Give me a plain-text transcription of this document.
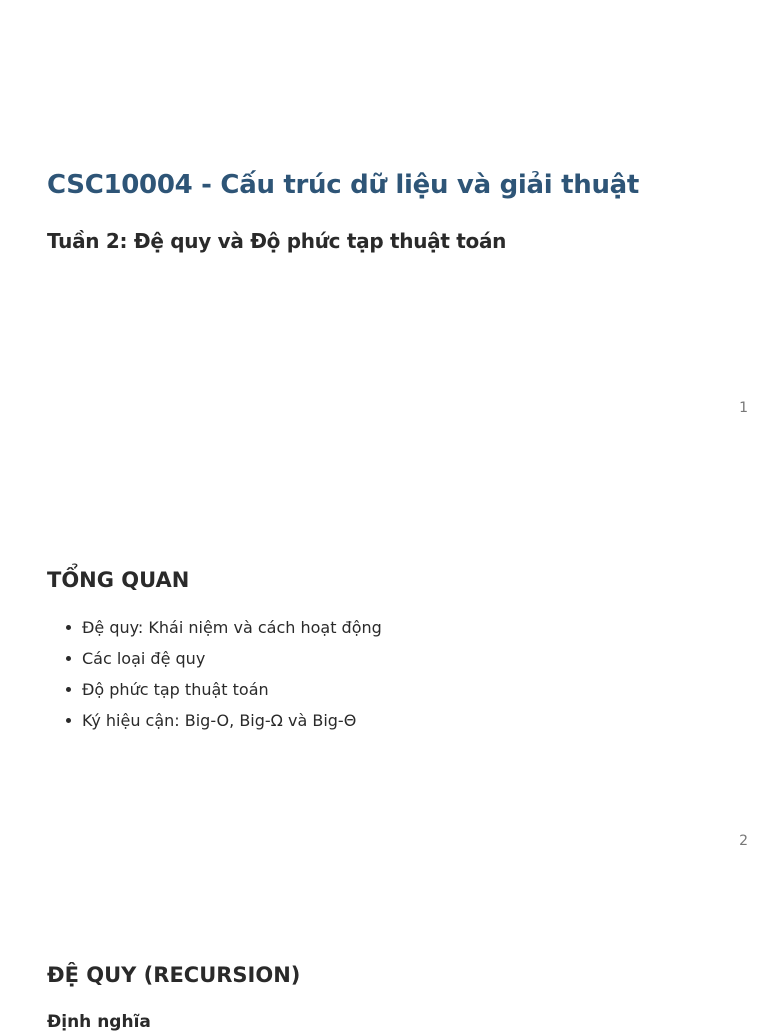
CSC10004 - Cấu trúc dữ liệu và giải thuật
Tuần 2: Đệ quy và Độ phức tạp thuật toán
1
TỔNG QUAN
Đệ quy: Khái niệm và cách hoạt động
Các loại đệ quy
Độ phức tạp thuật toán
Ký hiệu cận: Big-O, Big-Ω và Big-Θ
2
ĐỆ QUY (RECURSION)
Định nghĩa
